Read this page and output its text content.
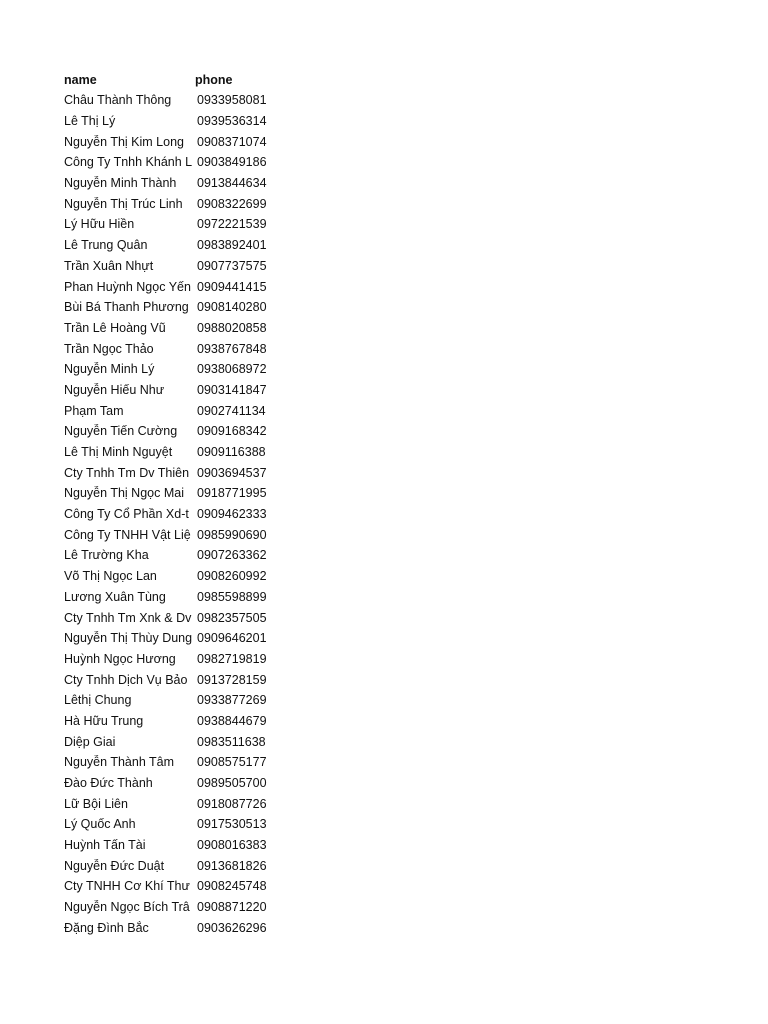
name	phone
Châu Thành Thông	0933958081
Lê Thị Lý	0939536314
Nguyễn Thị Kim Long	0908371074
Công Ty Tnhh Khánh L 0903849186
Nguyễn Minh Thành	0913844634
Nguyễn Thị Trúc Linh	0908322699
Lý Hữu Hiền	0972221539
Lê Trung Quân	0983892401
Trần Xuân Nhựt	0907737575
Phan Huỳnh Ngọc Yến 0909441415
Bùi Bá Thanh Phương 0908140280
Trần Lê Hoàng Vũ	0988020858
Trần Ngọc Thảo	0938767848
Nguyễn Minh Lý	0938068972
Nguyễn Hiếu Như	0903141847
Phạm Tam	0902741134
Nguyễn Tiến Cường	0909168342
Lê Thị Minh Nguyệt	0909116388
Cty Tnhh Tm Dv Thiên 0903694537
Nguyễn Thị Ngọc Mai	0918771995
Công Ty Cổ Phần Xd-t 0909462333
Công Ty TNHH Vật Liệ 0985990690
Lê Trường Kha	0907263362
Võ Thị Ngọc Lan	0908260992
Lương Xuân Tùng	0985598899
Cty Tnhh Tm Xnk & Dv 0982357505
Nguyễn Thị Thùy Dung 0909646201
Huỳnh Ngọc Hương	0982719819
Cty Tnhh Dịch Vụ Bảo 0913728159
Lêthị Chung	0933877269
Hà Hữu Trung	0938844679
Diệp Giai	0983511638
Nguyễn Thành Tâm	0908575177
Đào Đức Thành	0989505700
Lữ Bội Liên	0918087726
Lý Quốc Anh	0917530513
Huỳnh Tấn Tài	0908016383
Nguyễn Đức Duật	0913681826
Cty TNHH Cơ Khí Thư 0908245748
Nguyễn Ngọc Bích Trâ 0908871220
Đặng Đình Bắc	0903626296
